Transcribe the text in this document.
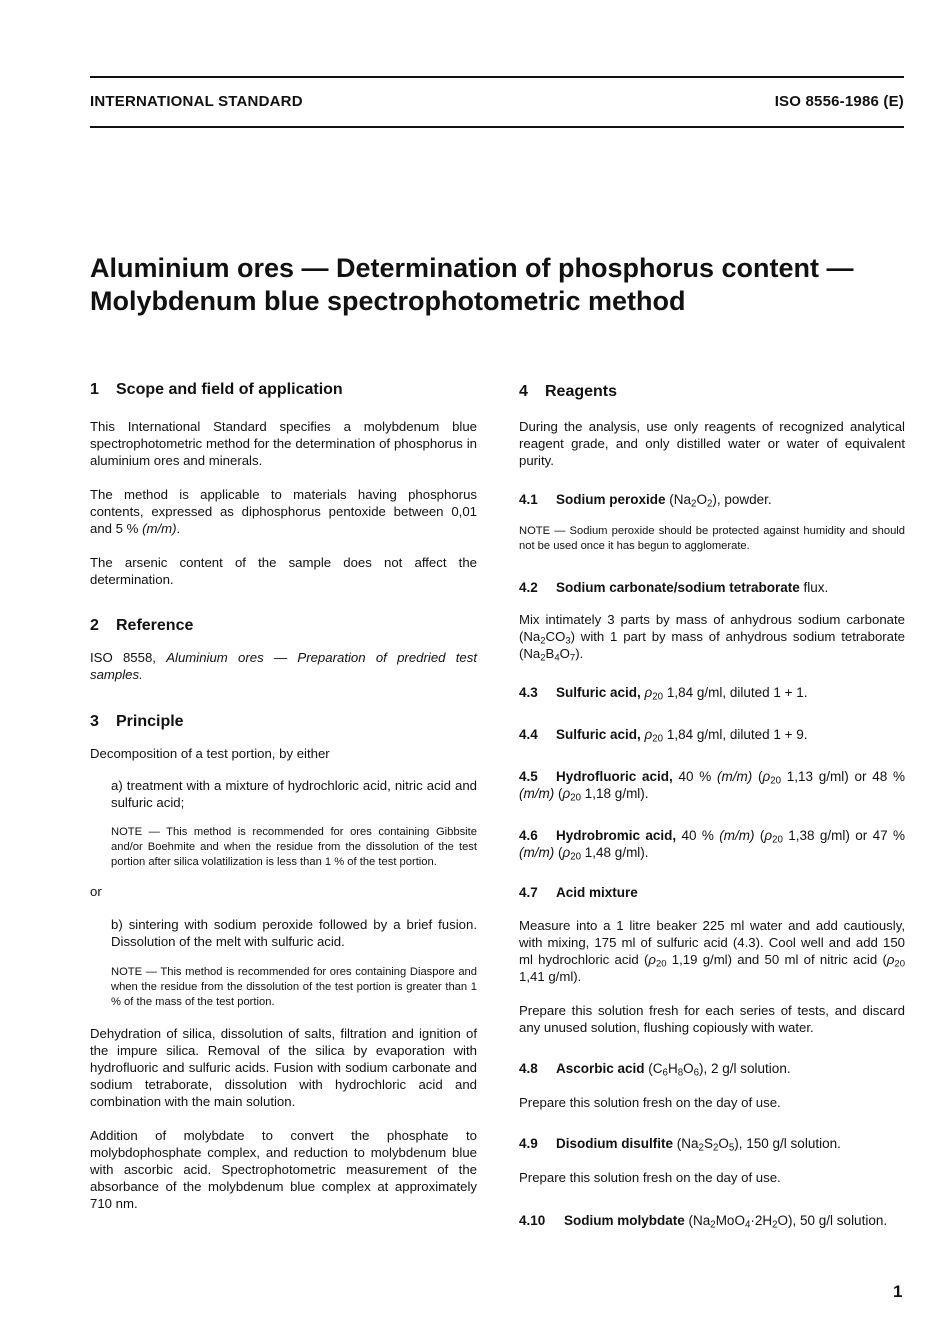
INTERNATIONAL STANDARD	ISO 8556-1986 (E)
Aluminium ores — Determination of phosphorus content —
Molybdenum blue spectrophotometric method
1 Scope and field of application

This International Standard specifies a molybdenum blue spectrophotometric method for the determination of phosphorus in aluminium ores and minerals.

The method is applicable to materials having phosphorus contents, expressed as diphosphorus pentoxide between 0,01 and 5 % (m/m).

The arsenic content of the sample does not affect the determination.

2 Reference

ISO 8558, Aluminium ores — Preparation of predried test samples.

3 Principle

Decomposition of a test portion, by either

a) treatment with a mixture of hydrochloric acid, nitric acid and sulfuric acid;

NOTE — This method is recommended for ores containing Gibbsite and/or Boehmite and when the residue from the dissolution of the test portion after silica volatilization is less than 1 % of the test portion.

or

b) sintering with sodium peroxide followed by a brief fusion. Dissolution of the melt with sulfuric acid.

NOTE — This method is recommended for ores containing Diaspore and when the residue from the dissolution of the test portion is greater than 1 % of the mass of the test portion.

Dehydration of silica, dissolution of salts, filtration and ignition of the impure silica. Removal of the silica by evaporation with hydrofluoric and sulfuric acids. Fusion with sodium carbonate and sodium tetraborate, dissolution with hydrochloric acid and combination with the main solution.

Addition of molybdate to convert the phosphate to molybdophosphate complex, and reduction to molybdenum blue with ascorbic acid. Spectrophotometric measurement of the absorbance of the molybdenum blue complex at approximately 710 nm.

4 Reagents

During the analysis, use only reagents of recognized analytical reagent grade, and only distilled water or water of equivalent purity.

4.1 Sodium peroxide $(Na_2O_2)$, powder.

NOTE — Sodium peroxide should be protected against humidity and should not be used once it has begun to agglomerate.

4.2 Sodium carbonate/sodium tetraborate flux.

Mix intimately 3 parts by mass of anhydrous sodium carbonate $(Na_2CO_3)$ with 1 part by mass of anhydrous sodium tetraborate $(Na_2B_4O_7)$.

4.3 Sulfuric acid, $\rho_{20}$ 1,84 g/ml, diluted 1 + 1.
4.4 Sulfuric acid, $\rho_{20}$ 1,84 g/ml, diluted 1 + 9.
4.5 Hydrofluoric acid, 40 % (m/m) ($\rho_{20}$ 1,13 g/ml) or 48 % (m/m) ($\rho_{20}$ 1,18 g/ml).
4.6 Hydrobromic acid, 40 % (m/m) ($\rho_{20}$ 1,38 g/ml) or 47 % (m/m) ($\rho_{20}$ 1,48 g/ml).
4.7 Acid mixture

Measure into a 1 litre beaker 225 ml water and add cautiously, with mixing, 175 ml of sulfuric acid (4.3). Cool well and add 150 ml hydrochloric acid ($\rho_{20}$ 1,19 g/ml) and 50 ml of nitric acid ($\rho_{20}$ 1,41 g/ml).

Prepare this solution fresh for each series of tests, and discard any unused solution, flushing copiously with water.

4.8 Ascorbic acid $(C_6H_8O_6)$, 2 g/l solution.

Prepare this solution fresh on the day of use.

4.9 Disodium disulfite $(Na_2S_2O_5)$, 150 g/l solution.

Prepare this solution fresh on the day of use.

4.10 Sodium molybdate $(Na_2MoO_4\cdot 2H_2O)$, 50 g/l solution.
1
